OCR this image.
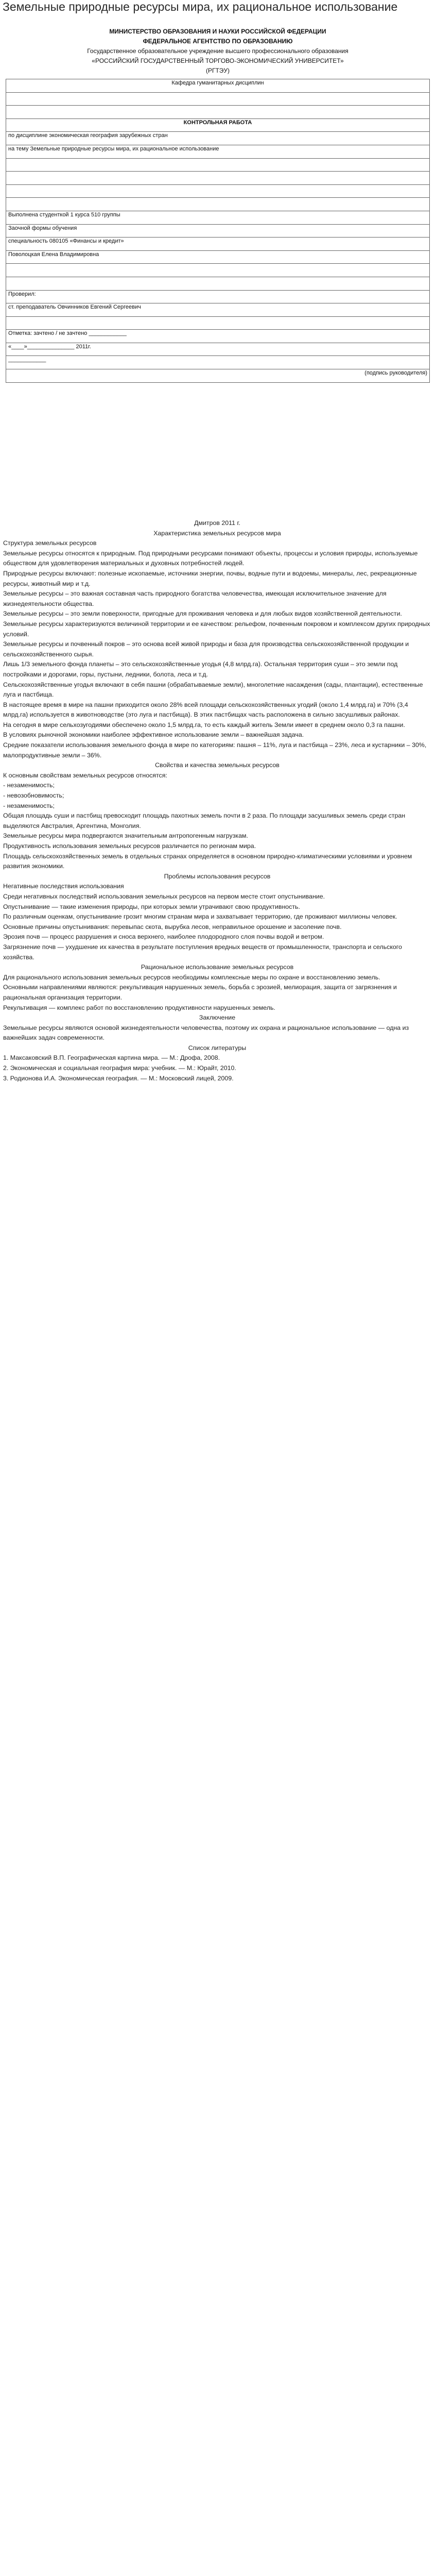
Земельные природные ресурсы мира, их рациональное использование
МИНИСТЕРСТВО ОБРАЗОВАНИЯ И НАУКИ РОССИЙСКОЙ ФЕДЕРАЦИИ
ФЕДЕРАЛЬНОЕ АГЕНТСТВО ПО ОБРАЗОВАНИЮ
Государственное образовательное учреждение высшего профессионального образования
«РОССИЙСКИЙ ГОСУДАРСТВЕННЫЙ ТОРГОВО-ЭКОНОМИЧЕСКИЙ УНИВЕРСИТЕТ»
(РГТЭУ)
Кафедра гуманитарных дисциплин

КОНТРОЛЬНАЯ РАБОТА
по дисциплине экономическая география зарубежных стран
на тему Земельные природные ресурсы мира, их рациональное использование

Выполнена студенткой 1 курса 510 группы
Заочной формы обучения
специальность 080105 «Финансы и кредит»
Поволоцкая Елена Владимировна

Проверил:
ст. преподаватель Овчинников Евгений Сергеевич

Отметка: зачтено / не зачтено ____________
«____»_______________ 2011г.
____________
(подпись руководителя)

Дмитров 2011 г.

Характеристика земельных ресурсов мира

Структура земельных ресурсов

Земельные ресурсы относятся к природным. Под природными ресурсами понимают объекты, процессы и условия природы, используемые обществом для удовлетворения материальных и духовных потребностей людей.

Природные ресурсы включают: полезные ископаемые, источники энергии, почвы, водные пути и водоемы, минералы, лес, рекреационные ресурсы, животный мир и т.д.

Земельные ресурсы – это важная составная часть природного богатства человечества, имеющая исключительное значение для жизнедеятельности общества.

Земельные ресурсы – это земли поверхности, пригодные для проживания человека и для любых видов хозяйственной деятельности. Земельные ресурсы характеризуются величиной территории и ее качеством: рельефом, почвенным покровом и комплексом других природных условий.

Земельные ресурсы и почвенный покров – это основа всей живой природы и база для производства сельскохозяйственной продукции и сельскохозяйственного сырья.

Лишь 1/3 земельного фонда планеты – это сельскохозяйственные угодья (4,8 млрд.га). Остальная территория суши – это земли под постройками и дорогами, горы, пустыни, ледники, болота, леса и т.д.

Сельскохозяйственные угодья включают в себя пашни (обрабатываемые земли), многолетние насаждения (сады, плантации), естественные луга и пастбища.

В настоящее время в мире на пашни приходится около 28% всей площади сельскохозяйственных угодий (около 1,4 млрд.га) и 70% (3,4 млрд.га) используется в животноводстве (это луга и пастбища). В этих пастбищах часть расположена в сильно засушливых районах.

На сегодня в мире сельхозугодиями обеспечено около 1,5 млрд.га, то есть каждый житель Земли имеет в среднем около 0,3 га пашни.

В условиях рыночной экономики наиболее эффективное использование земли – важнейшая задача.

Средние показатели использования земельного фонда в мире по категориям: пашня – 11%, луга и пастбища – 23%, леса и кустарники – 30%, малопродуктивные земли – 36%.

Свойства и качества земельных ресурсов

К основным свойствам земельных ресурсов относятся:

- незаменимость;

- невозобновимость;

- незаменимость;

Общая площадь суши и пастбищ превосходит площадь пахотных земель почти в 2 раза. По площади засушливых земель среди стран выделяются Австралия, Аргентина, Монголия.

Земельные ресурсы мира подвергаются значительным антропогенным нагрузкам.

Продуктивность использования земельных ресурсов различается по регионам мира.

Площадь сельскохозяйственных земель в отдельных странах определяется в основном природно-климатическими условиями и уровнем развития экономики.

Проблемы использования ресурсов

Негативные последствия использования

Среди негативных последствий использования земельных ресурсов на первом месте стоит опустынивание.

Опустынивание — такие изменения природы, при которых земли утрачивают свою продуктивность.

По различным оценкам, опустынивание грозит многим странам мира и захватывает территорию, где проживают миллионы человек.

Основные причины опустынивания: перевыпас скота, вырубка лесов, неправильное орошение и засоление почв.

Эрозия почв — процесс разрушения и сноса верхнего, наиболее плодородного слоя почвы водой и ветром.

Загрязнение почв — ухудшение их качества в результате поступления вредных веществ от промышленности, транспорта и сельского хозяйства.

Рациональное использование земельных ресурсов

Для рационального использования земельных ресурсов необходимы комплексные меры по охране и восстановлению земель.

Основными направлениями являются: рекультивация нарушенных земель, борьба с эрозией, мелиорация, защита от загрязнения и рациональная организация территории.

Рекультивация — комплекс работ по восстановлению продуктивности нарушенных земель.

Заключение

Земельные ресурсы являются основой жизнедеятельности человечества, поэтому их охрана и рациональное использование — одна из важнейших задач современности.

Список литературы

1. Максаковский В.П. Географическая картина мира. — М.: Дрофа, 2008.

2. Экономическая и социальная география мира: учебник. — М.: Юрайт, 2010.

3. Родионова И.А. Экономическая география. — М.: Московский лицей, 2009.
